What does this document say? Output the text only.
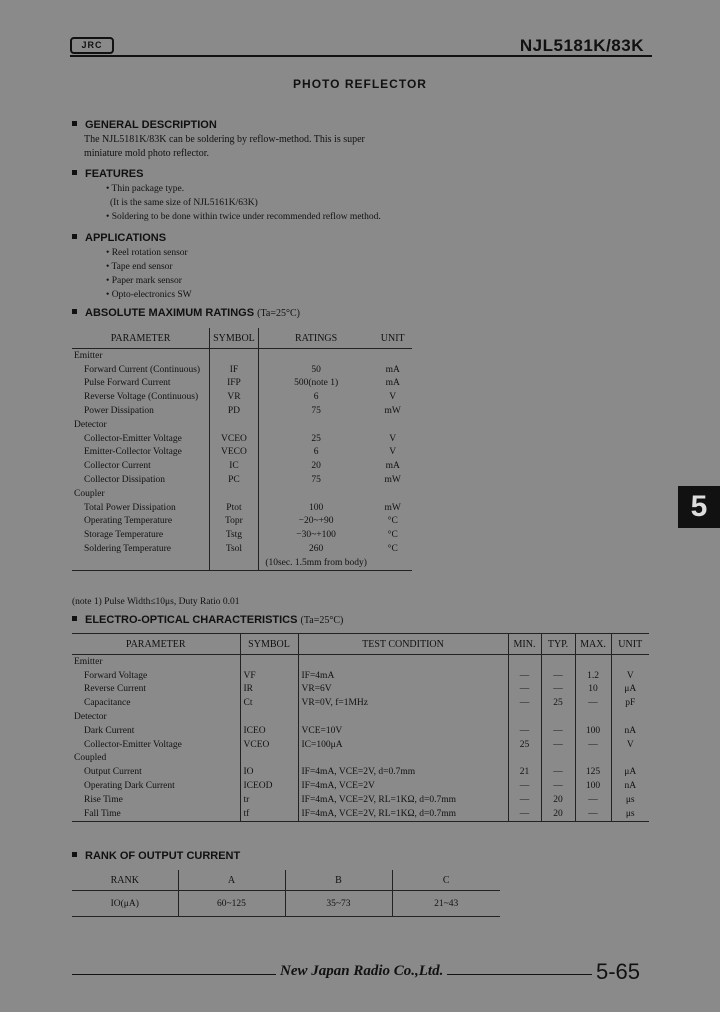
JRC	NJL5181K/83K
PHOTO REFLECTOR
GENERAL DESCRIPTION
The NJL5181K/83K can be soldering by reflow-method. This is super
miniature mold photo reflector.
FEATURES
• Thin package type.
(It is the same size of NJL5161K/63K)
• Soldering to be done within twice under recommended reflow method.
APPLICATIONS
• Reel rotation sensor
• Tape end sensor
• Paper mark sensor
• Opto-electronics SW
ABSOLUTE MAXIMUM RATINGS (Ta=25°C)
PARAMETER	SYMBOL	RATINGS	UNIT
Emitter			
Forward Current (Continuous)	IF	50	mA
Pulse Forward Current	IFP	500(note 1)	mA
Reverse Voltage (Continuous)	VR	6	V
Power Dissipation	PD	75	mW
Detector			
Collector-Emitter Voltage	VCEO	25	V
Emitter-Collector Voltage	VECO	6	V
Collector Current	IC	20	mA
Collector Dissipation	PC	75	mW
Coupler			
Total Power Dissipation	Ptot	100	mW
Operating Temperature	Topr	−20~+90	°C
Storage Temperature	Tstg	−30~+100	°C
Soldering Temperature	Tsol	260	°C
		(10sec. 1.5mm from body)	
(note 1) Pulse Width≤10μs, Duty Ratio 0.01
ELECTRO-OPTICAL CHARACTERISTICS (Ta=25°C)
PARAMETER	SYMBOL	TEST CONDITION	MIN.	TYP.	MAX.	UNIT
Emitter						
Forward Voltage	VF	IF=4mA	—	—	1.2	V
Reverse Current	IR	VR=6V	—	—	10	μA
Capacitance	Ct	VR=0V, f=1MHz	—	25	—	pF
Detector						
Dark Current	ICEO	VCE=10V	—	—	100	nA
Collector-Emitter Voltage	VCEO	IC=100μA	25	—	—	V
Coupled						
Output Current	IO	IF=4mA, VCE=2V, d=0.7mm	21	—	125	μA
Operating Dark Current	ICEOD	IF=4mA, VCE=2V	—	—	100	nA
Rise Time	tr	IF=4mA, VCE=2V, RL=1KΩ, d=0.7mm	—	20	—	μs
Fall Time	tf	IF=4mA, VCE=2V, RL=1KΩ, d=0.7mm	—	20	—	μs
RANK OF OUTPUT CURRENT
RANK	A	B	C
IO(μA)	60~125	35~73	21~43
5
New Japan Radio Co.,Ltd.	5-65
